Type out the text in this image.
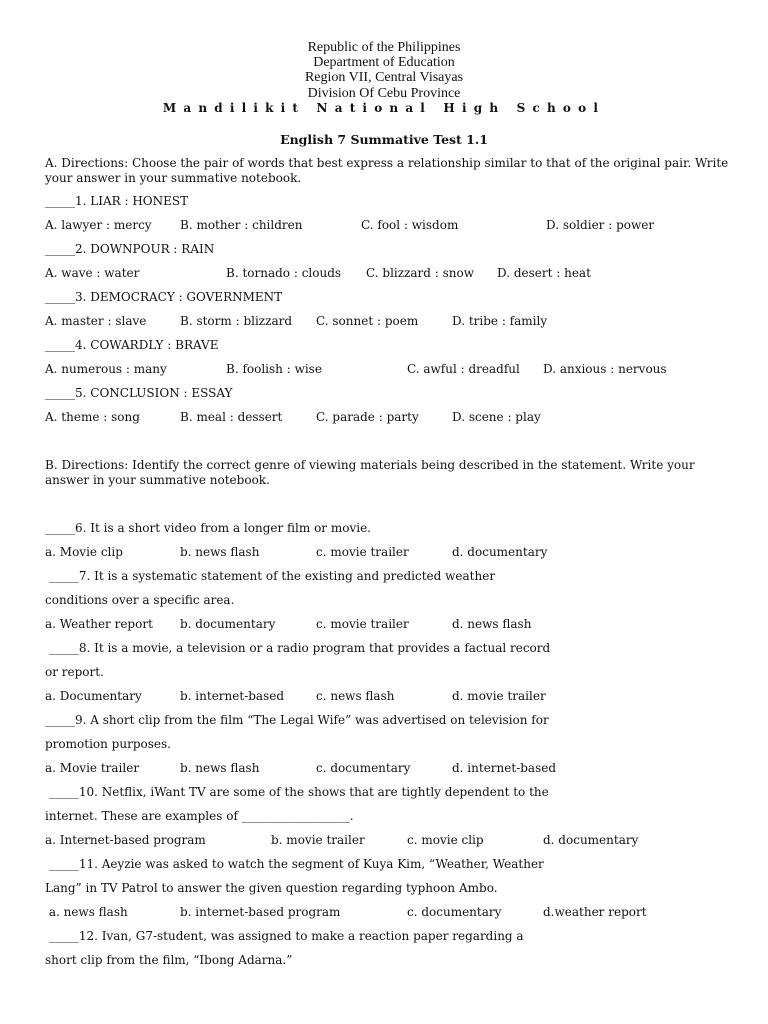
Republic of the Philippines
Department of Education
Region VII, Central Visayas
Division Of Cebu Province
Mandilikit National High School
English 7 Summative Test 1.1
A. Directions: Choose the pair of words that best express a relationship similar to that of the original pair. Write your answer in your summative notebook.
_____1. LIAR : HONEST
A. lawyer : mercy B. mother : children	C. fool : wisdom	D. soldier : power
_____2. DOWNPOUR : RAIN
A. wave : water	B. tornado : clouds C. blizzard : snow D. desert : heat
_____3. DEMOCRACY : GOVERNMENT
A. master : slave	B. storm : blizzard C. sonnet : poem	D. tribe : family
_____4. COWARDLY : BRAVE
A. numerous : many	B. foolish : wise	C. awful : dreadful D. anxious : nervous
_____5. CONCLUSION : ESSAY
A. theme : song	B. meal : dessert	C. parade : party	D. scene : play
B. Directions: Identify the correct genre of viewing materials being described in the statement. Write your answer in your summative notebook.
_____6. It is a short video from a longer film or movie.
a. Movie clip	b. news flash	c. movie trailer	d. documentary
_____7. It is a systematic statement of the existing and predicted weather
conditions over a specific area.
a. Weather report b. documentary	c. movie trailer	d. news flash
_____8. It is a movie, a television or a radio program that provides a factual record
or report.
a. Documentary	b. internet-based	c. news flash	d. movie trailer
_____9. A short clip from the film “The Legal Wife” was advertised on television for
promotion purposes.
a. Movie trailer	b. news flash	c. documentary	d. internet-based
_____10. Netflix, iWant TV are some of the shows that are tightly dependent to the
internet. These are examples of __________________.
a. Internet-based program	b. movie trailer	c. movie clip	d. documentary
_____11. Aeyzie was asked to watch the segment of Kuya Kim, “Weather, Weather
Lang” in TV Patrol to answer the given question regarding typhoon Ambo.
a. news flash	b. internet-based program	c. documentary	d.weather report
_____12. Ivan, G7-student, was assigned to make a reaction paper regarding a
short clip from the film, “Ibong Adarna.”
